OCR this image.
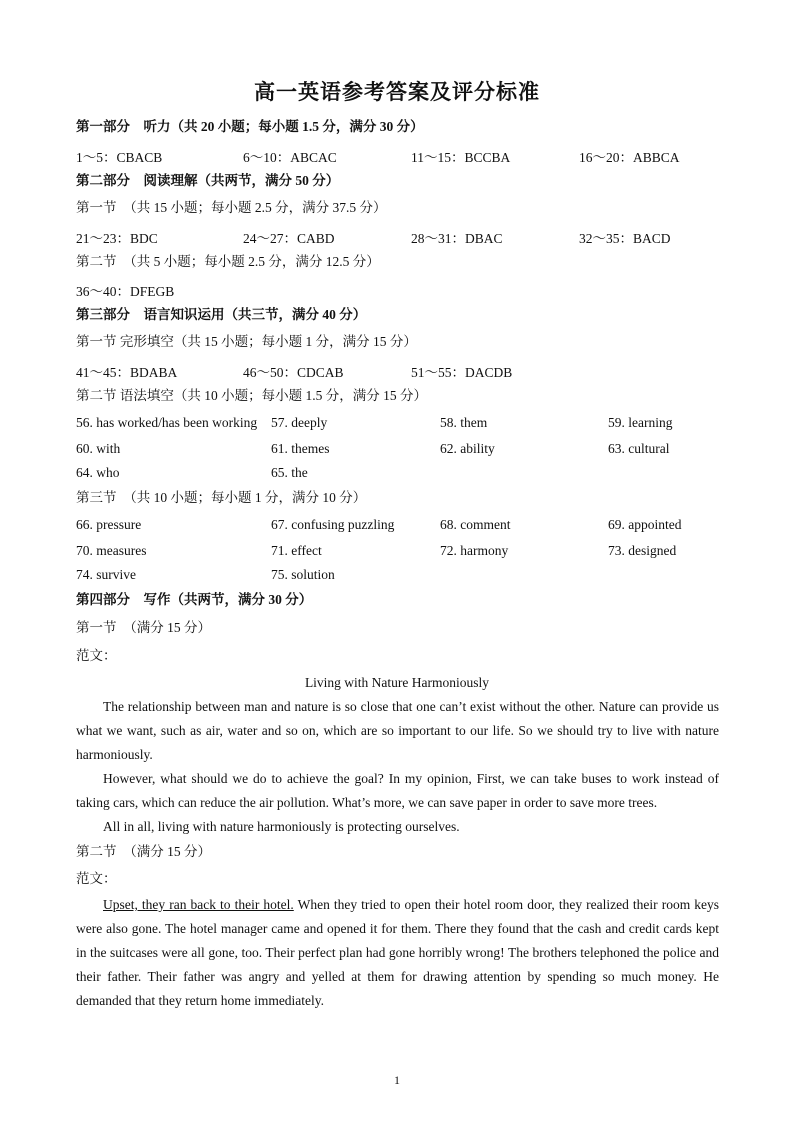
高一英语参考答案及评分标准
第一部分　听力（共 20 小题；每小题 1.5 分，满分 30 分）
1～5：CBACB	6～10：ABCAC	11～15：BCCBA	16～20：ABBCA
第二部分　阅读理解（共两节，满分 50 分）
第一节　（共 15 小题；每小题 2.5 分，满分 37.5 分）
21～23：BDC	24～27：CABD	28～31：DBAC	32～35：BACD
第二节　（共 5 小题；每小题 2.5 分，满分 12.5 分）
36～40：DFEGB
第三部分　语言知识运用（共三节，满分 40 分）
第一节 完形填空（共 15 小题；每小题 1 分，满分 15 分）
41～45：BDABA	46～50：CDCAB	51～55：DACDB
第二节 语法填空（共 10 小题；每小题 1.5 分，满分 15 分）
56. has worked/has been working 57. deeply	58. them	59. learning
60. with	61. themes	62. ability	63. cultural
64. who	65. the
第三节　（共 10 小题；每小题 1 分，满分 10 分）
66. pressure	67. confusing puzzling	68. comment	69. appointed
70. measures	71. effect	72. harmony	73. designed
74. survive	75. solution
第四部分　写作（共两节，满分 30 分）
第一节　（满分 15 分）
范文：
Living with Nature Harmoniously

The relationship between man and nature is so close that one can’t exist without the other. Nature can provide us what we want, such as air, water and so on, which are so important to our life. So we should try to live with nature harmoniously.

However, what should we do to achieve the goal? In my opinion, First, we can take buses to work instead of taking cars, which can reduce the air pollution. What’s more, we can save paper in order to save more trees.

All in all, living with nature harmoniously is protecting ourselves.

第二节　（满分 15 分）
范文：

Upset, they ran back to their hotel. When they tried to open their hotel room door, they realized their room keys were also gone. The hotel manager came and opened it for them. There they found that the cash and credit cards kept in the suitcases were all gone, too. Their perfect plan had gone horribly wrong! The brothers telephoned the police and their father. Their father was angry and yelled at them for drawing attention by spending so much money. He demanded that they return home immediately.

1
